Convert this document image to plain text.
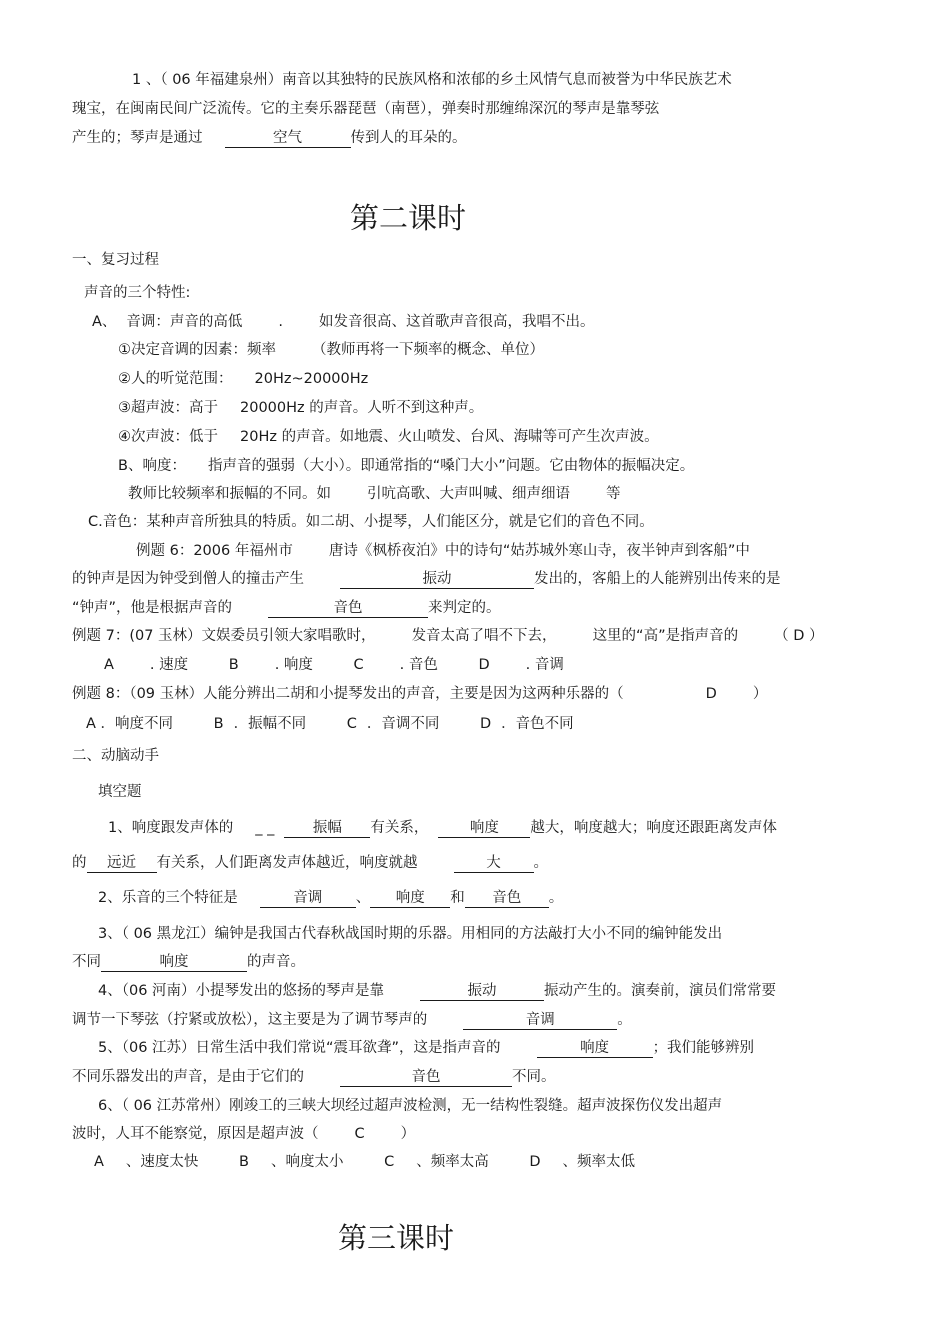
1 、（ 06 年福建泉州）南音以其独特的民族风格和浓郁的乡土风情气息而被誉为中华民族艺术
瑰宝，在闽南民间广泛流传。它的主奏乐器琵琶（南琶），弹奏时那缠绵深沉的琴声是靠琴弦
产生的；琴声是通过	空气	传到人的耳朵的。
第二课时
一、复习过程
声音的三个特性:
A、 音调：声音的高低 . 如发音很高、这首歌声音很高，我唱不出。
①决定音调的因素：频率 （教师再将一下频率的概念、单位）
②人的听觉范围： 20Hz~20000Hz
③超声波：高于 20000Hz 的声音。人听不到这种声。
④次声波：低于 20Hz 的声音。如地震、火山喷发、台风、海啸等可产生次声波。
B、响度： 指声音的强弱（大小）。即通常指的“嗓门大小”问题。它由物体的振幅决定。
教师比较频率和振幅的不同。如 引吭高歌、大声叫喊、细声细语 等
C.音色：某种声音所独具的特质。如二胡、小提琴，人们能区分，就是它们的音色不同。
例题 6：2006 年福州市 唐诗《枫桥夜泊》中的诗句“姑苏城外寒山寺，夜半钟声到客船”中
的钟声是因为钟受到僧人的撞击产生	振动	发出的，客船上的人能辨别出传来的是
“钟声”，他是根据声音的	音色	来判定的。
例题 7：(07 玉林）文娱委员引领大家唱歌时， 发音太高了唱不下去， 这里的“高”是指声音的 （ D ）
A . 速度	B . 响度	C . 音色	D . 音调
例题 8：（09 玉林）人能分辨出二胡和小提琴发出的声音，主要是因为这两种乐器的（	D ）
A ．响度不同	B ．振幅不同	C ．音调不同	D ．音色不同
二、动脑动手
填空题
1、响度跟发声体的 _ _	振幅 有关系，	响度 越大，响度越大；响度还跟距离发声体
的 远近 有关系，人们距离发声体越近，响度就越	大 。
2、乐音的三个特征是	音调 、 响度 和 音色 。
3、（ 06 黑龙江）编钟是我国古代春秋战国时期的乐器。用相同的方法敲打大小不同的编钟能发出
不同	响度	的声音。
4、（06 河南）小提琴发出的悠扬的琴声是靠	振动	振动产生的。演奏前，演员们常常要
调节一下琴弦（拧紧或放松），这主要是为了调节琴声的	音调	。
5、（06 江苏）日常生活中我们常说“震耳欲聋”，这是指声音的	响度	；我们能够辨别
不同乐器发出的声音，是由于它们的	音色	不同。
6、（ 06 江苏常州）刚竣工的三峡大坝经过超声波检测，无一结构性裂缝。超声波探伤仪发出超声
波时，人耳不能察觉，原因是超声波（ C ）
A 、速度太快	B 、响度太小	C 、频率太高	D 、频率太低
第三课时
